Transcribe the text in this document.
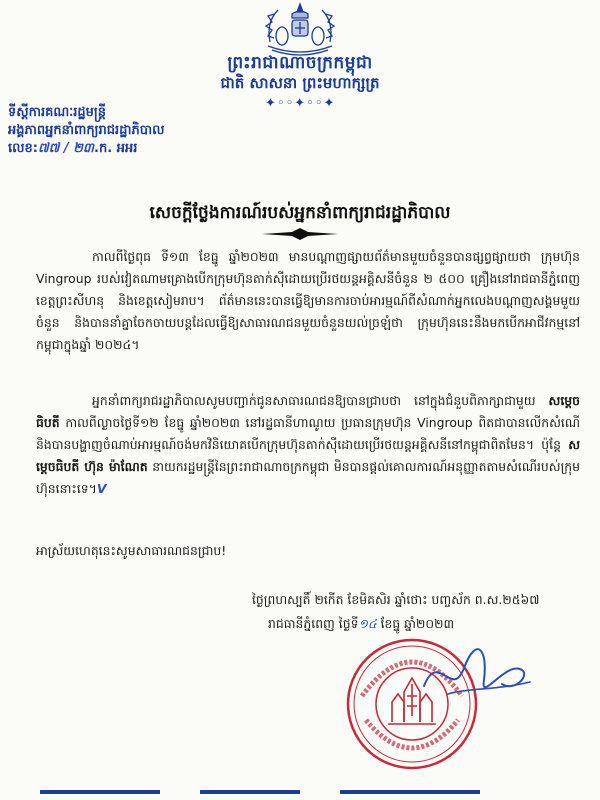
ព្រះរាជាណាចក្រកម្ពុជា
ជាតិ សាសនា ព្រះមហាក្សត្រ
✦◦◦✦◦◦✦
ទីស្តីការគណៈរដ្ឋមន្ត្រី
អង្គភាពអ្នកនាំពាក្យរាជរដ្ឋាភិបាល
លេខ:៧៧ / ២៣.ក. អអរ
សេចក្តីថ្លែងការណ៍របស់អ្នកនាំពាក្យរាជរដ្ឋាភិបាល
កាលពីថ្ងៃពុធ ទី១៣ ខែធ្នូ ឆ្នាំ២០២៣ មានបណ្តាញផ្សាយព័ត៌មានមួយចំនួនបានផ្សព្វផ្សាយថា ក្រុមហ៊ុន Vingroup របស់វៀតណាមគ្រោងបើកក្រុមហ៊ុនតាក់ស៊ីដោយប្រើរថយន្តអគ្គិសនីចំនួន ២ ៥០០ គ្រឿងនៅរាជធានីភ្នំពេញ ខេត្តព្រះសីហនុ និងខេត្តសៀមរាប។ ព័ត៌មាននេះបានធ្វើឱ្យមានការចាប់អារម្មណ៍ពីសំណាក់អ្នកលេងបណ្តាញសង្គមមួយចំនួន និងបាននាំគ្នាចែកចាយបន្តដែលធ្វើឱ្យសាធារណជនមួយចំនួនយល់ច្រឡំថា ក្រុមហ៊ុននេះនឹងមកបើកអាជីវកម្មនៅកម្ពុជាក្នុងឆ្នាំ ២០២៤។
អ្នកនាំពាក្យរាជរដ្ឋាភិបាលសូមបញ្ជាក់ជូនសាធារណជនឱ្យបានជ្រាបថា នៅក្នុងជំនួបពិភាក្សាជាមួយ សម្តេចធិបតី កាលពីល្ងាចថ្ងៃទី១២ ខែធ្នូ ឆ្នាំ២០២៣ នៅរដ្ឋធានីហាណូយ ប្រធានក្រុមហ៊ុន Vingroup ពិតជាបានលើកសំណើ និងបានបង្ហាញចំណាប់អារម្មណ៍ចង់មកវិនិយោគបើកក្រុមហ៊ុនតាក់ស៊ីដោយប្រើរថយន្តអគ្គិសនីនៅកម្ពុជាពិតមែន។ ប៉ុន្តែ សម្តេចធិបតី ហ៊ុន ម៉ាណែត នាយករដ្ឋមន្ត្រីនៃព្រះរាជាណាចក្រកម្ពុជា មិនបានផ្តល់គោលការណ៍អនុញ្ញាតតាមសំណើរបស់ក្រុមហ៊ុននោះទេ។V
អាស្រ័យហេតុនេះសូមសាធារណជនជ្រាប!
ថ្ងៃព្រហស្បតិ៍ ២កើត ខែមិគសិរ ឆ្នាំថោះ បញ្ចស័ក ព.ស.២៥៦៧
រាជធានីភ្នំពេញ ថ្ងៃទី១៤ ខែធ្នូ ឆ្នាំ២០២៣
